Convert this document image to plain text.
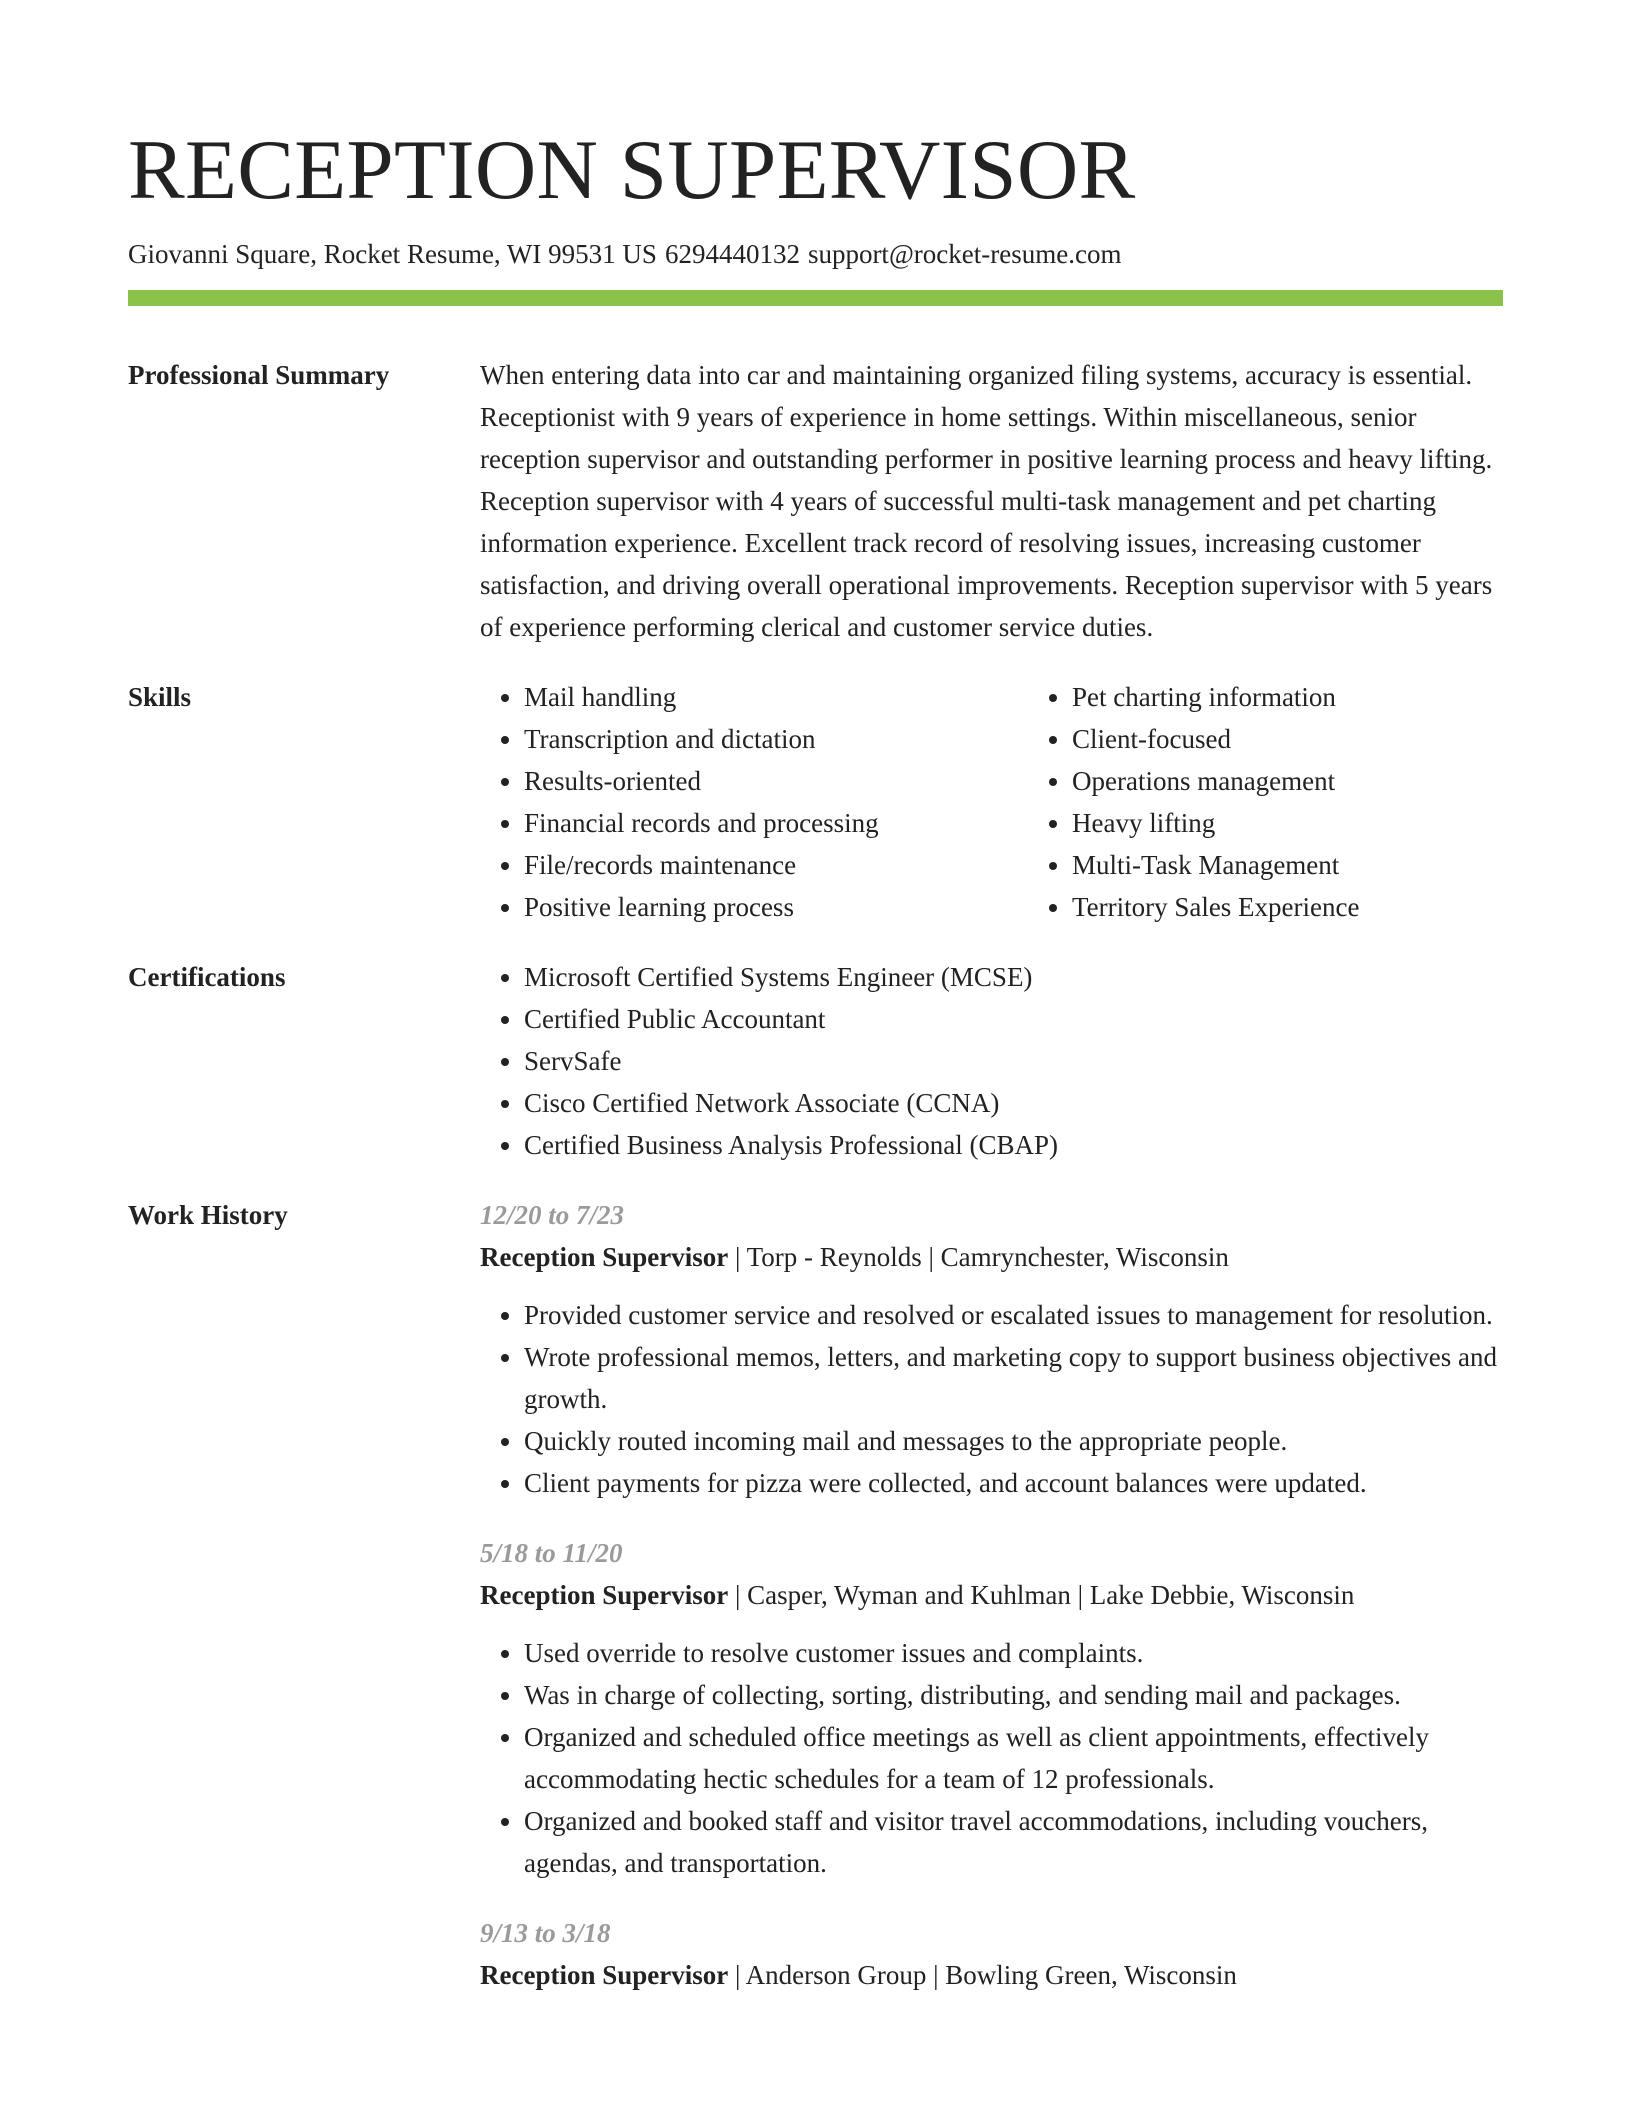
RECEPTION SUPERVISOR
Giovanni Square, Rocket Resume, WI 99531 US 6294440132 support@rocket-resume.com
Professional Summary	When entering data into car and maintaining organized filing systems, accuracy is essential. Receptionist with 9 years of experience in home settings. Within miscellaneous, senior reception supervisor and outstanding performer in positive learning process and heavy lifting. Reception supervisor with 4 years of successful multi-task management and pet charting information experience. Excellent track record of resolving issues, increasing customer satisfaction, and driving overall operational improvements. Reception supervisor with 5 years of experience performing clerical and customer service duties.

Skills	• Mail handling
• Transcription and dictation
• Results-oriented
• Financial records and processing
• File/records maintenance
• Positive learning process
• Pet charting information
• Client-focused
• Operations management
• Heavy lifting
• Multi-Task Management
• Territory Sales Experience
Certifications	• Microsoft Certified Systems Engineer (MCSE)
• Certified Public Accountant
• ServSafe
• Cisco Certified Network Associate (CCNA)
• Certified Business Analysis Professional (CBAP)
Work History	12/20 to 7/23
Reception Supervisor | Torp - Reynolds | Camrynchester, Wisconsin
• Provided customer service and resolved or escalated issues to management for resolution.
• Wrote professional memos, letters, and marketing copy to support business objectives and growth.
• Quickly routed incoming mail and messages to the appropriate people.
• Client payments for pizza were collected, and account balances were updated.
5/18 to 11/20
Reception Supervisor | Casper, Wyman and Kuhlman | Lake Debbie, Wisconsin
• Used override to resolve customer issues and complaints.
• Was in charge of collecting, sorting, distributing, and sending mail and packages.
• Organized and scheduled office meetings as well as client appointments, effectively accommodating hectic schedules for a team of 12 professionals.
• Organized and booked staff and visitor travel accommodations, including vouchers, agendas, and transportation.
9/13 to 3/18
Reception Supervisor | Anderson Group | Bowling Green, Wisconsin
